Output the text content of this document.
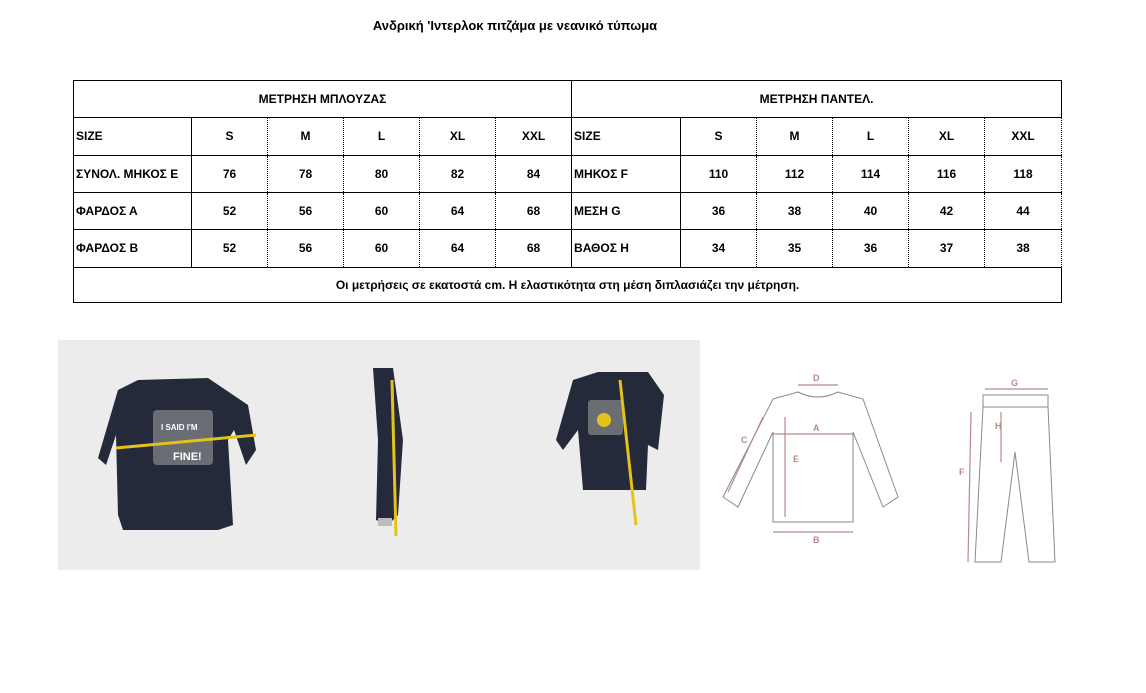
Ανδρική 'Ιντερλοκ πιτζάμα με νεανικό τύπωμα
ΜΕΤΡΗΣΗ ΜΠΛΟΥΖΑΣ						ΜΕΤΡΗΣΗ ΠΑΝΤΕΛ.					
SIZE	S	M	L	XL	XXL	SIZE	S	M	L	XL	XXL
ΣΥΝΟΛ. ΜΗΚΟΣ Ε	76	78	80	82	84	ΜΗΚΟΣ F	110	112	114	116	118
ΦΑΡΔΟΣ Α	52	56	60	64	68	ΜΕΣΗ G	36	38	40	42	44
ΦΑΡΔΟΣ Β	52	56	60	64	68	ΒΑΘΟΣ Η	34	35	36	37	38
Οι μετρήσεις σε εκατοστά cm. Η ελαστικότητα στη μέση διπλασιάζει την μέτρηση.											
I SAID I'M
FINE!
D
A
B
C
E
G
H
F
